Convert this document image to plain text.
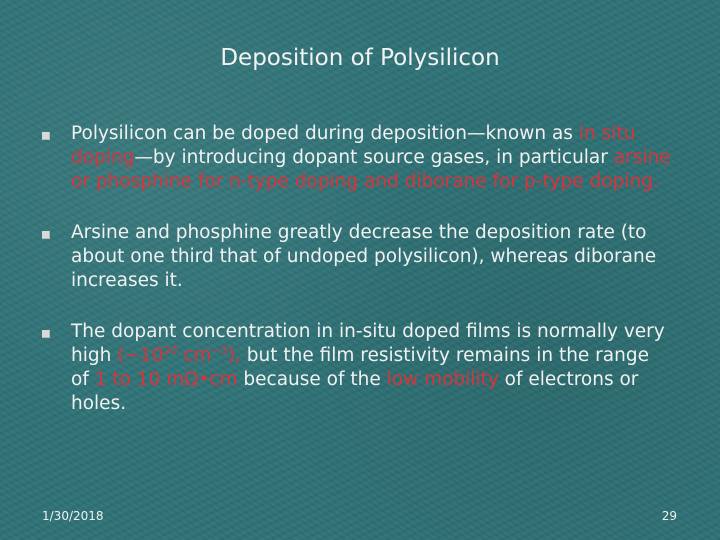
Deposition of Polysilicon
Polysilicon can be doped during deposition—known as in situ doping—by introducing dopant source gases, in particular arsine or phosphine for n-type doping and diborane for p-type doping.
Arsine and phosphine greatly decrease the deposition rate (to about one third that of undoped polysilicon), whereas diborane increases it.
The dopant concentration in in-situ doped films is normally very high ($\sim 10^{20}$ $cm^{-3}$), but the film resistivity remains in the range of 1 to 10 mΩ•cm because of the low mobility of electrons or holes.
1/30/2018	29
